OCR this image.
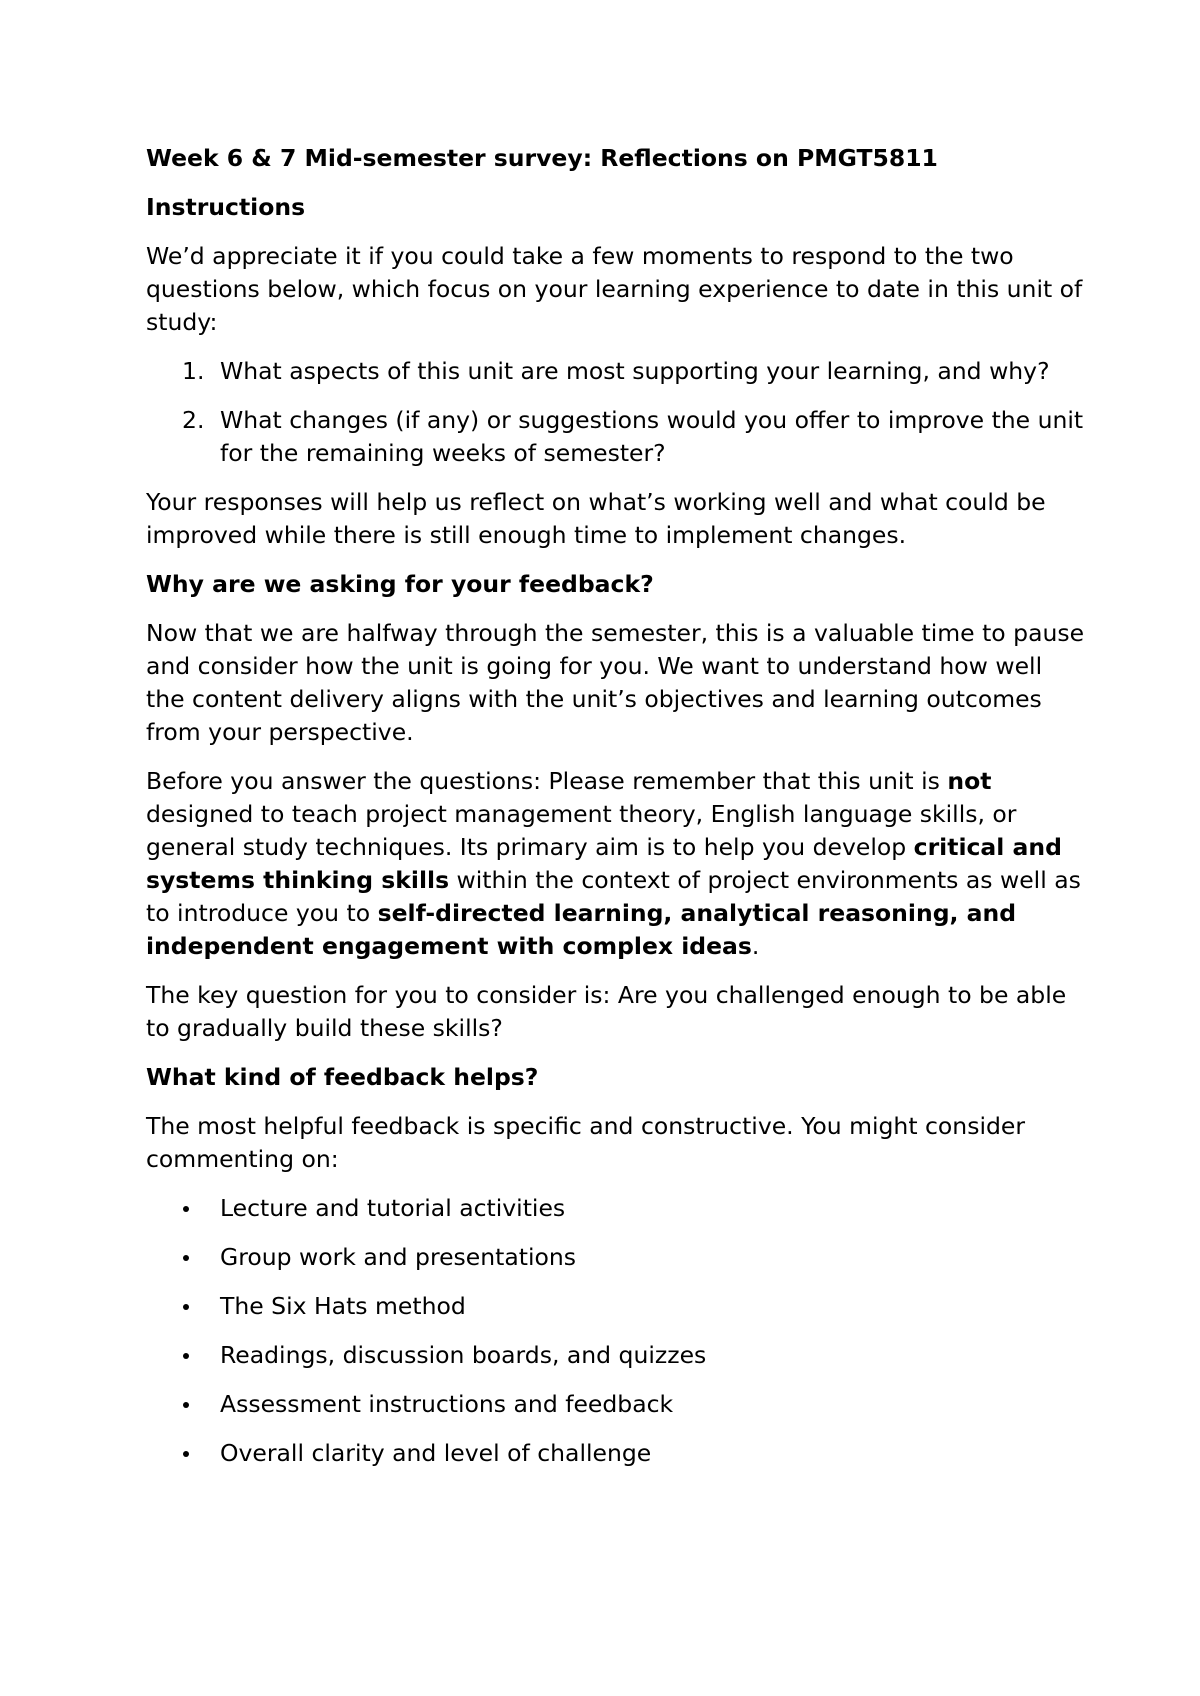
Week 6 & 7 Mid-semester survey: Reflections on PMGT5811

Instructions

We’d appreciate it if you could take a few moments to respond to the two questions below, which focus on your learning experience to date in this unit of study:

1. What aspects of this unit are most supporting your learning, and why?
2. What changes (if any) or suggestions would you offer to improve the unit for the remaining weeks of semester?

Your responses will help us reflect on what’s working well and what could be improved while there is still enough time to implement changes.

Why are we asking for your feedback?

Now that we are halfway through the semester, this is a valuable time to pause and consider how the unit is going for you. We want to understand how well the content delivery aligns with the unit’s objectives and learning outcomes from your perspective.

Before you answer the questions: Please remember that this unit is not designed to teach project management theory, English language skills, or general study techniques. Its primary aim is to help you develop critical and systems thinking skills within the context of project environments as well as to introduce you to self-directed learning, analytical reasoning, and independent engagement with complex ideas.

The key question for you to consider is: Are you challenged enough to be able to gradually build these skills?

What kind of feedback helps?

The most helpful feedback is specific and constructive. You might consider commenting on:

Lecture and tutorial activities
Group work and presentations
The Six Hats method
Readings, discussion boards, and quizzes
Assessment instructions and feedback
Overall clarity and level of challenge
